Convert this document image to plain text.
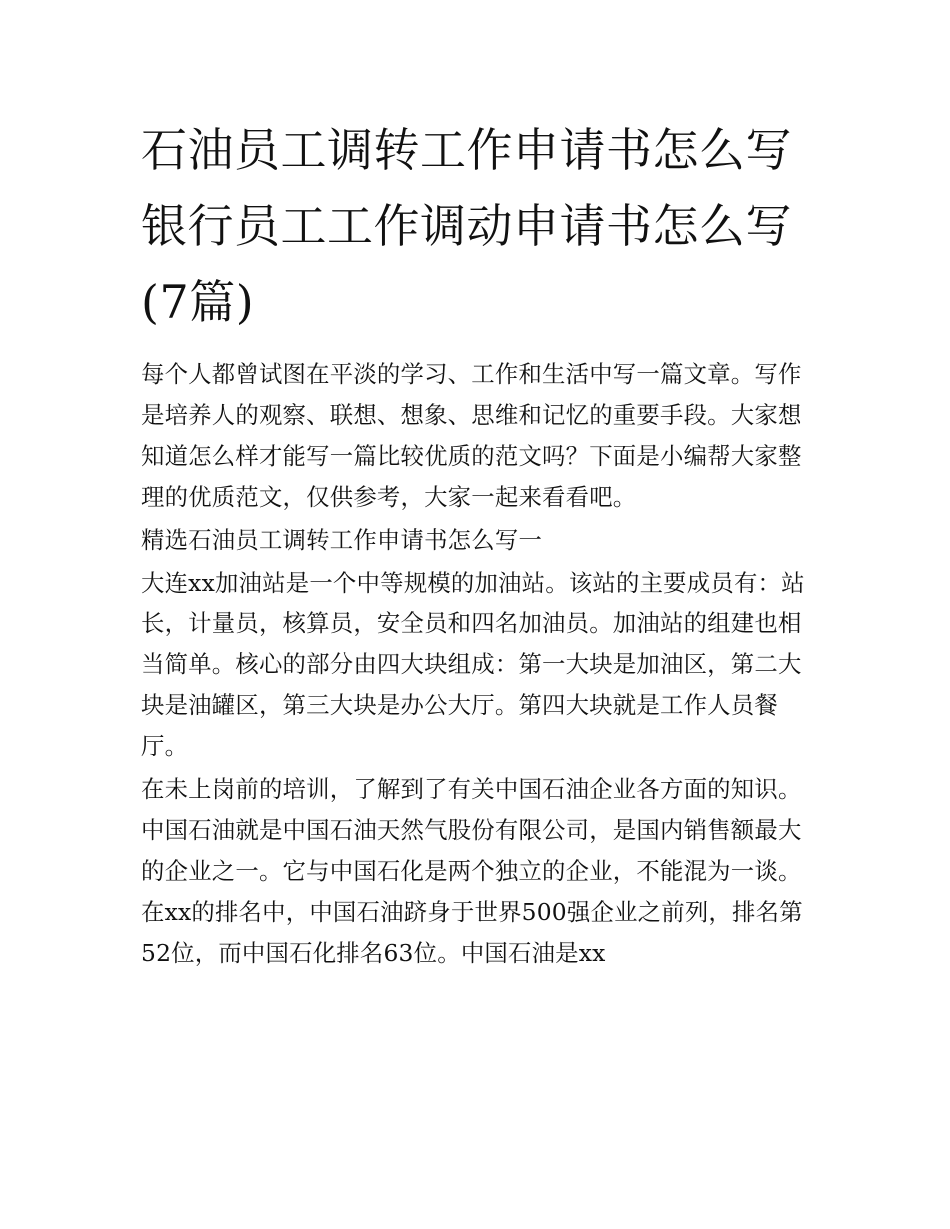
石油员工调转工作申请书怎么写 银行员工工作调动申请书怎么写(7篇)

每个人都曾试图在平淡的学习、工作和生活中写一篇文章。写作是培养人的观察、联想、想象、思维和记忆的重要手段。大家想知道怎么样才能写一篇比较优质的范文吗？下面是小编帮大家整理的优质范文，仅供参考，大家一起来看看吧。

精选石油员工调转工作申请书怎么写一

大连xx加油站是一个中等规模的加油站。该站的主要成员有：站长，计量员，核算员，安全员和四名加油员。加油站的组建也相当简单。核心的部分由四大块组成：第一大块是加油区，第二大块是油罐区，第三大块是办公大厅。第四大块就是工作人员餐厅。

在未上岗前的培训，了解到了有关中国石油企业各方面的知识。中国石油就是中国石油天然气股份有限公司，是国内销售额最大的企业之一。它与中国石化是两个独立的企业，不能混为一谈。在xx的排名中，中国石油跻身于世界500强企业之前列，排名第52位，而中国石化排名63位。中国石油是xx
